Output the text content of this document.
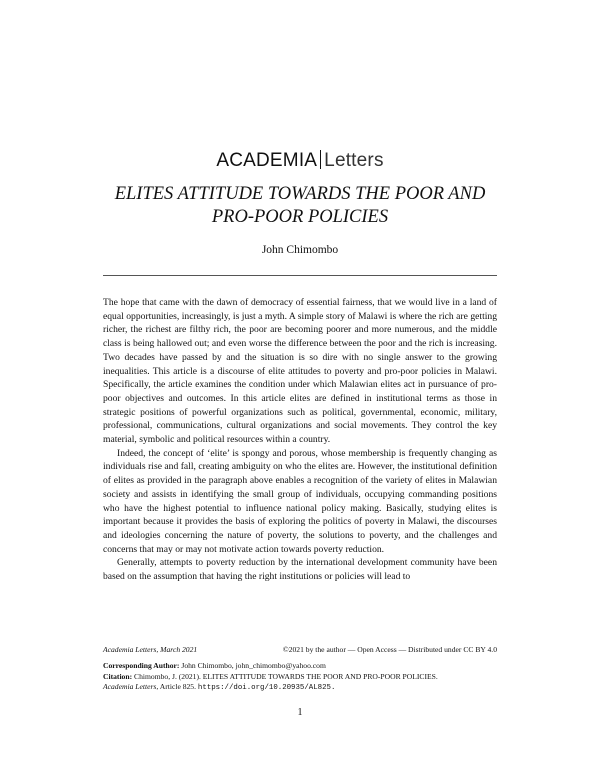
ACADEMIA Letters
ELITES ATTITUDE TOWARDS THE POOR AND
PRO-POOR POLICIES
John Chimombo

The hope that came with the dawn of democracy of essential fairness, that we would live in a land of equal opportunities, increasingly, is just a myth. A simple story of Malawi is where the rich are getting richer, the richest are filthy rich, the poor are becoming poorer and more numerous, and the middle class is being hallowed out; and even worse the difference between the poor and the rich is increasing. Two decades have passed by and the situation is so dire with no single answer to the growing inequalities. This article is a discourse of elite attitudes to poverty and pro-poor policies in Malawi. Specifically, the article examines the condition under which Malawian elites act in pursuance of pro-poor objectives and outcomes. In this article elites are defined in institutional terms as those in strategic positions of powerful organizations such as political, governmental, economic, military, professional, communications, cultural organizations and social movements. They control the key material, symbolic and political resources within a country.

Indeed, the concept of ‘elite’ is spongy and porous, whose membership is frequently changing as individuals rise and fall, creating ambiguity on who the elites are. However, the institutional definition of elites as provided in the paragraph above enables a recognition of the variety of elites in Malawian society and assists in identifying the small group of individuals, occupying commanding positions who have the highest potential to influence national policy making. Basically, studying elites is important because it provides the basis of exploring the politics of poverty in Malawi, the discourses and ideologies concerning the nature of poverty, the solutions to poverty, and the challenges and concerns that may or may not motivate action towards poverty reduction.

Generally, attempts to poverty reduction by the international development community have been based on the assumption that having the right institutions or policies will lead to

Academia Letters, March 2021	©2021 by the author — Open Access — Distributed under CC BY 4.0
Corresponding Author: John Chimombo, john_chimombo@yahoo.com
Citation: Chimombo, J. (2021). ELITES ATTITUDE TOWARDS THE POOR AND PRO-POOR POLICIES.
Academia Letters, Article 825. https://doi.org/10.20935/AL825.
1
